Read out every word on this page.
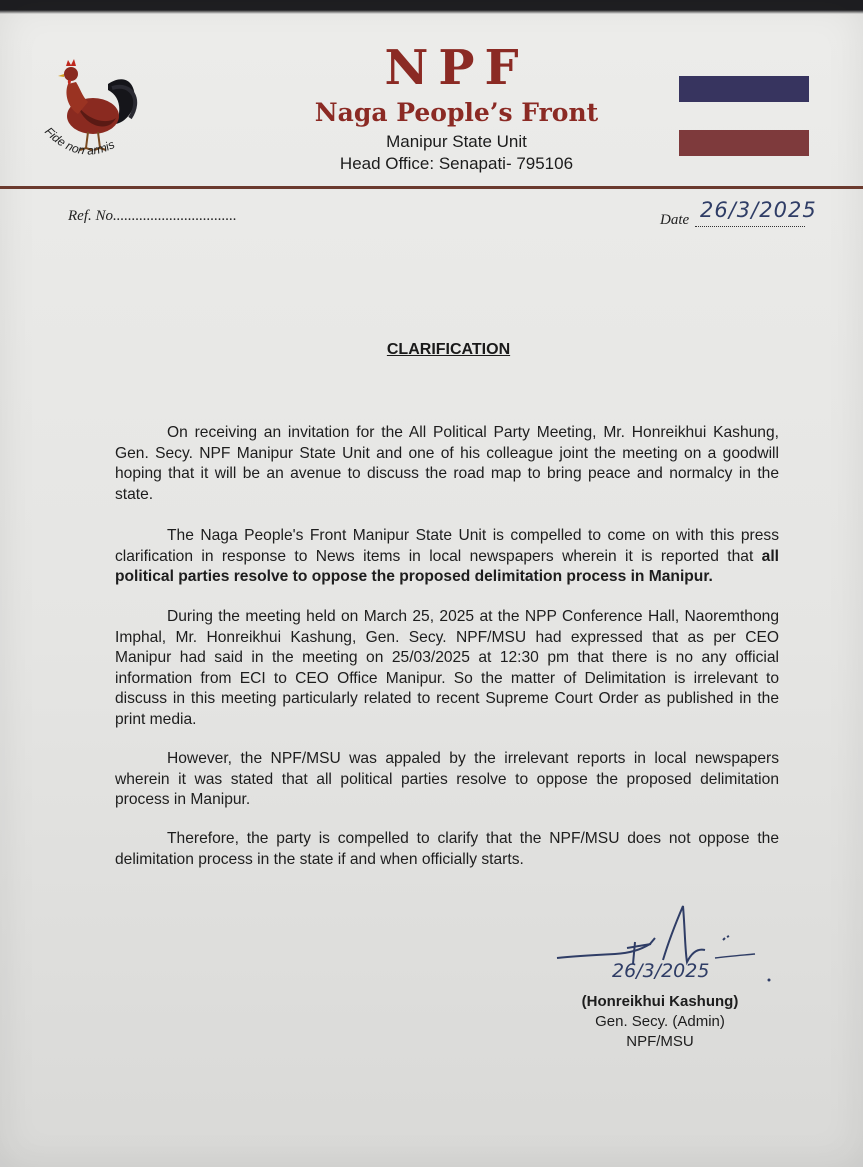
Fide non armis
NPF
Naga People’s Front
Manipur State Unit
Head Office: Senapati- 795106
Ref. No.................................	Date 26/3/2025
CLARIFICATION

On receiving an invitation for the All Political Party Meeting, Mr. Honreikhui Kashung, Gen. Secy. NPF Manipur State Unit and one of his colleague joint the meeting on a goodwill hoping that it will be an avenue to discuss the road map to bring peace and normalcy in the state.

The Naga People's Front Manipur State Unit is compelled to come on with this press clarification in response to News items in local newspapers wherein it is reported that all political parties resolve to oppose the proposed delimitation process in Manipur.

During the meeting held on March 25, 2025 at the NPP Conference Hall, Naoremthong Imphal, Mr. Honreikhui Kashung, Gen. Secy. NPF/MSU had expressed that as per CEO Manipur had said in the meeting on 25/03/2025 at 12:30 pm that there is no any official information from ECI to CEO Office Manipur. So the matter of Delimitation is irrelevant to discuss in this meeting particularly related to recent Supreme Court Order as published in the print media.

However, the NPF/MSU was appaled by the irrelevant reports in local newspapers wherein it was stated that all political parties resolve to oppose the proposed delimitation process in Manipur.

Therefore, the party is compelled to clarify that the NPF/MSU does not oppose the delimitation process in the state if and when officially starts.

26/3/2025
(Honreikhui Kashung)
Gen. Secy. (Admin)
NPF/MSU
